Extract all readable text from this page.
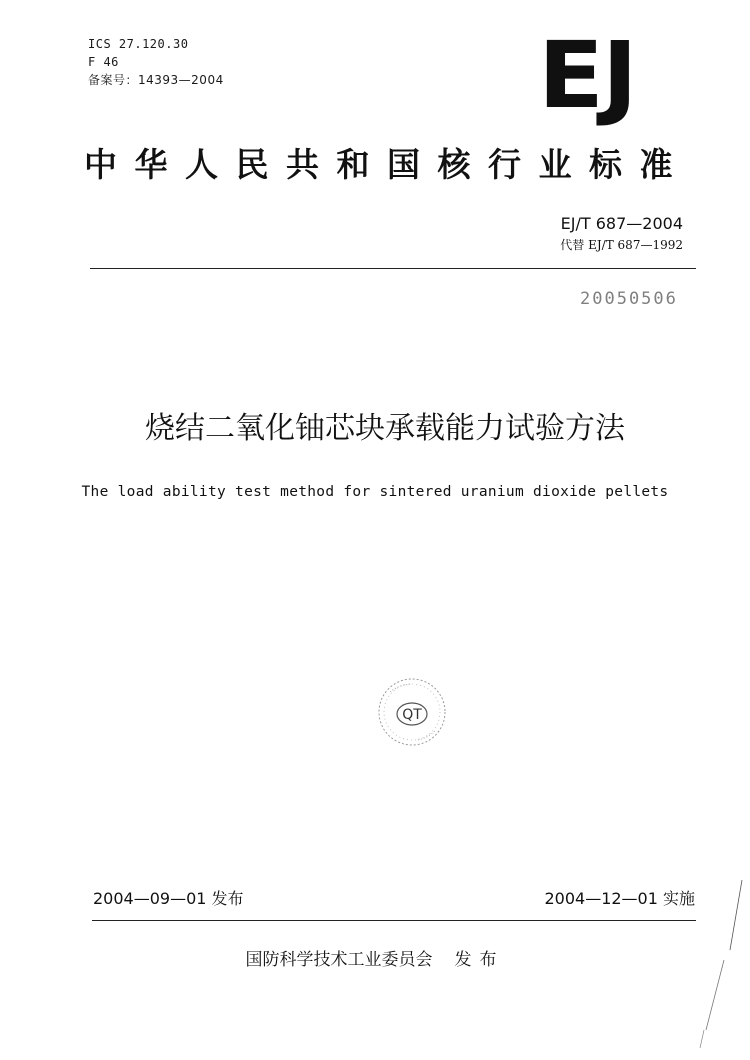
ICS 27.120.30
F 46
备案号：14393—2004	EJ
中华人民共和国核行业标准
EJ/T 687—2004
代替 EJ/T 687—1992
20050506
烧结二氧化铀芯块承载能力试验方法
The load ability test method for sintered uranium dioxide pellets
QT
2004—09—01 发布	2004—12—01 实施
国防科学技术工业委员会 发布
